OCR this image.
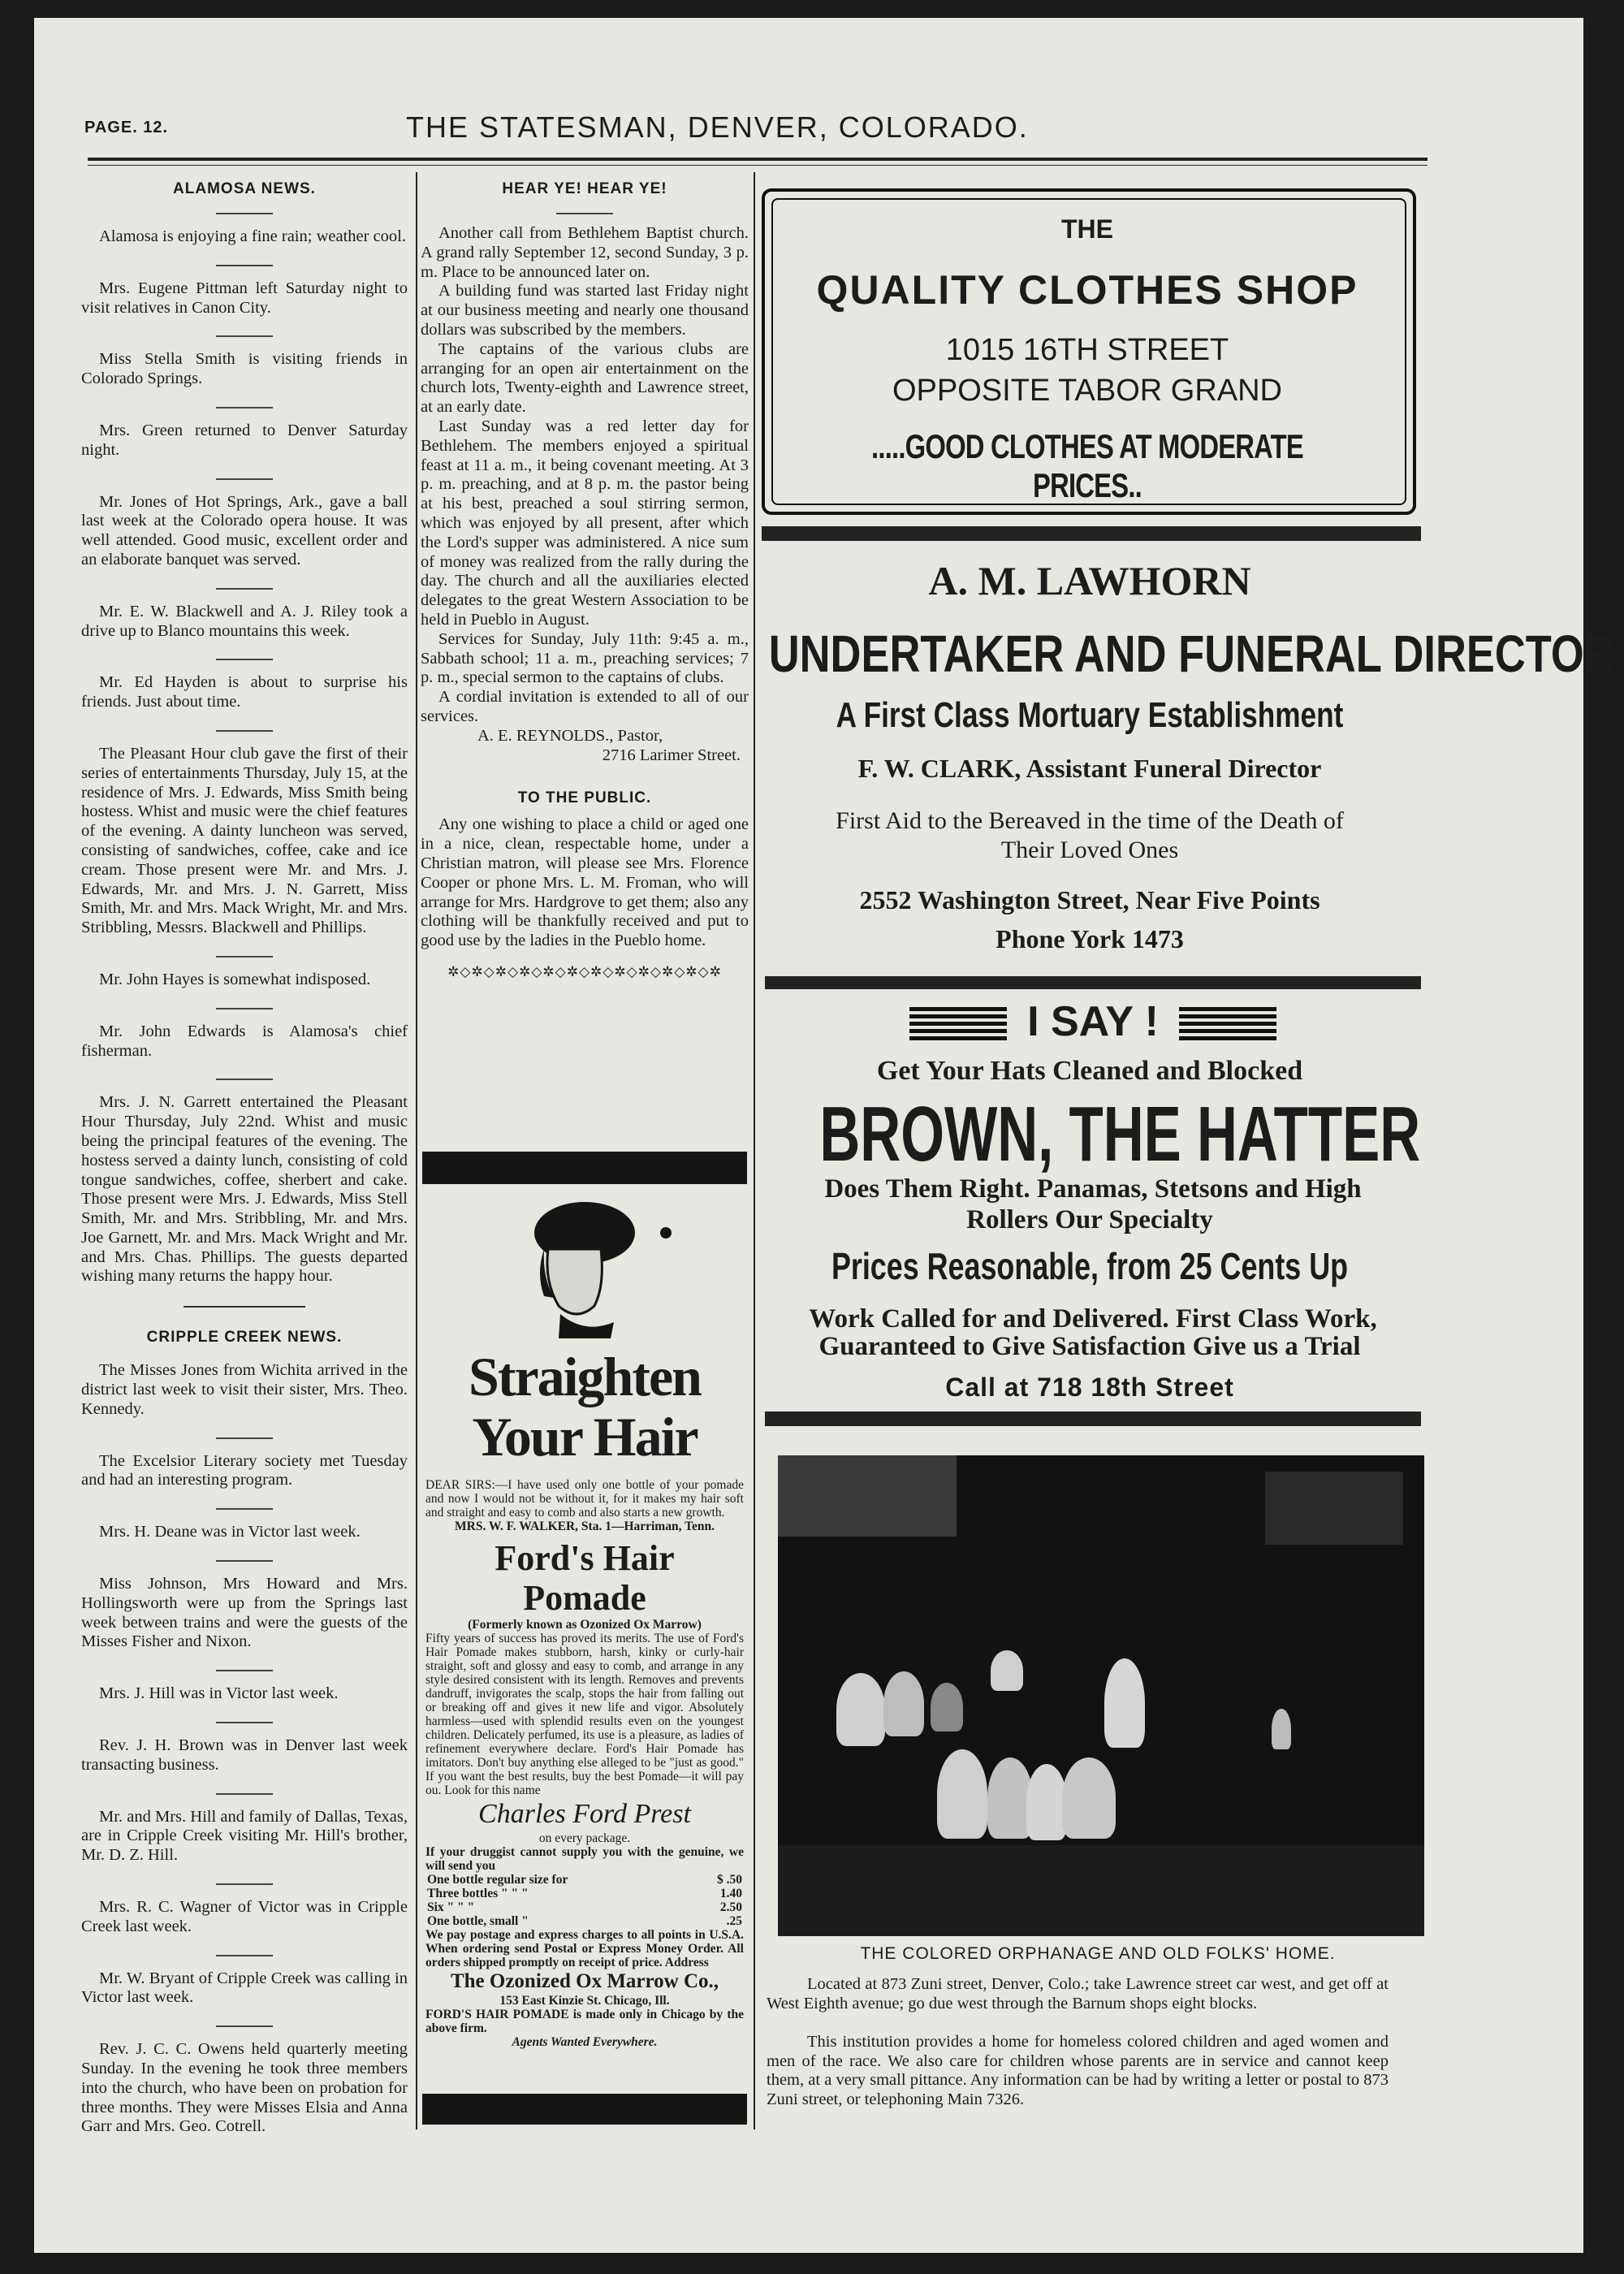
PAGE. 12.	THE STATESMAN, DENVER, COLORADO.
ALAMOSA NEWS.

Alamosa is enjoying a fine rain; weather cool.

Mrs. Eugene Pittman left Saturday night to visit relatives in Canon City.

Miss Stella Smith is visiting friends in Colorado Springs.

Mrs. Green returned to Denver Saturday night.

Mr. Jones of Hot Springs, Ark., gave a ball last week at the Colorado opera house. It was well attended. Good music, excellent order and an elaborate banquet was served.

Mr. E. W. Blackwell and A. J. Riley took a drive up to Blanco mountains this week.

Mr. Ed Hayden is about to surprise his friends. Just about time.

The Pleasant Hour club gave the first of their series of entertainments Thursday, July 15, at the residence of Mrs. J. Edwards, Miss Smith being hostess. Whist and music were the chief features of the evening. A dainty luncheon was served, consisting of sandwiches, coffee, cake and ice cream. Those present were Mr. and Mrs. J. Edwards, Mr. and Mrs. J. N. Garrett, Miss Smith, Mr. and Mrs. Mack Wright, Mr. and Mrs. Stribbling, Messrs. Blackwell and Phillips.

Mr. John Hayes is somewhat indisposed.

Mr. John Edwards is Alamosa's chief fisherman.

Mrs. J. N. Garrett entertained the Pleasant Hour Thursday, July 22nd. Whist and music being the principal features of the evening. The hostess served a dainty lunch, consisting of cold tongue sandwiches, coffee, sherbert and cake. Those present were Mrs. J. Edwards, Miss Stell Smith, Mr. and Mrs. Stribbling, Mr. and Mrs. Joe Garnett, Mr. and Mrs. Mack Wright and Mr. and Mrs. Chas. Phillips. The guests departed wishing many returns the happy hour.

CRIPPLE CREEK NEWS.

The Misses Jones from Wichita arrived in the district last week to visit their sister, Mrs. Theo. Kennedy.

The Excelsior Literary society met Tuesday and had an interesting program.

Mrs. H. Deane was in Victor last week.

Miss Johnson, Mrs Howard and Mrs. Hollingsworth were up from the Springs last week between trains and were the guests of the Misses Fisher and Nixon.

Mrs. J. Hill was in Victor last week.

Rev. J. H. Brown was in Denver last week transacting business.

Mr. and Mrs. Hill and family of Dallas, Texas, are in Cripple Creek visiting Mr. Hill's brother, Mr. D. Z. Hill.

Mrs. R. C. Wagner of Victor was in Cripple Creek last week.

Mr. W. Bryant of Cripple Creek was calling in Victor last week.

Rev. J. C. C. Owens held quarterly meeting Sunday. In the evening he took three members into the church, who have been on probation for three months. They were Misses Elsia and Anna Garr and Mrs. Geo. Cotrell.

HEAR YE! HEAR YE!

Another call from Bethlehem Baptist church. A grand rally September 12, second Sunday, 3 p. m. Place to be announced later on.

A building fund was started last Friday night at our business meeting and nearly one thousand dollars was subscribed by the members.

The captains of the various clubs are arranging for an open air entertainment on the church lots, Twenty-eighth and Lawrence street, at an early date.

Last Sunday was a red letter day for Bethlehem. The members enjoyed a spiritual feast at 11 a. m., it being covenant meeting. At 3 p. m. preaching, and at 8 p. m. the pastor being at his best, preached a soul stirring sermon, which was enjoyed by all present, after which the Lord's supper was administered. A nice sum of money was realized from the rally during the day. The church and all the auxiliaries elected delegates to the great Western Association to be held in Pueblo in August.

Services for Sunday, July 11th: 9:45 a. m., Sabbath school; 11 a. m., preaching services; 7 p. m., special sermon to the captains of clubs.

A cordial invitation is extended to all of our services.

A. E. REYNOLDS., Pastor,

2716 Larimer Street.
TO THE PUBLIC.

Any one wishing to place a child or aged one in a nice, clean, respectable home, under a Christian matron, will please see Mrs. Florence Cooper or phone Mrs. L. M. Froman, who will arrange for Mrs. Hardgrove to get them; also any clothing will be thankfully received and put to good use by the ladies in the Pueblo home.

✲◇✲◇✲◇✲◇✲◇✲◇✲◇✲◇✲◇✲◇✲◇✲
Straighten
Your Hair
DEAR SIRS:—I have used only one bottle of your pomade and now I would not be without it, for it makes my hair soft and straight and easy to comb and also starts a new growth.
MRS. W. F. WALKER, Sta. 1—Harriman, Tenn.
Ford's Hair
Pomade
(Formerly known as Ozonized Ox Marrow)
Fifty years of success has proved its merits. The use of Ford's Hair Pomade makes stubborn, harsh, kinky or curly-hair straight, soft and glossy and easy to comb, and arrange in any style desired consistent with its length. Removes and prevents dandruff, invigorates the scalp, stops the hair from falling out or breaking off and gives it new life and vigor. Absolutely harmless—used with splendid results even on the youngest children. Delicately perfumed, its use is a pleasure, as ladies of refinement everywhere declare. Ford's Hair Pomade has imitators. Don't buy anything else alleged to be "just as good." If you want the best results, buy the best Pomade—it will pay ou. Look for this name
Charles Ford Prest
on every package.
If your druggist cannot supply you with the genuine, we will send you
One bottle regular size for	$ .50
Three bottles " " "	1.40
Six " " "	2.50
One bottle, small "	.25
We pay postage and express charges to all points in U.S.A. When ordering send Postal or Express Money Order. All orders shipped promptly on receipt of price. Address
The Ozonized Ox Marrow Co.,
153 East Kinzie St. Chicago, Ill.
FORD'S HAIR POMADE is made only in Chicago by the above firm.
Agents Wanted Everywhere.
THE
QUALITY CLOTHES SHOP
1015 16TH STREET
OPPOSITE TABOR GRAND
.....GOOD CLOTHES AT MODERATE PRICES..
A. M. LAWHORN
UNDERTAKER AND FUNERAL DIRECTOR
A First Class Mortuary Establishment
F. W. CLARK, Assistant Funeral Director
First Aid to the Bereaved in the time of the Death of
Their Loved Ones
2552 Washington Street, Near Five Points
Phone York 1473
I SAY !
Get Your Hats Cleaned and Blocked
BROWN, THE HATTER
Does Them Right. Panamas, Stetsons and High
Rollers Our Specialty
Prices Reasonable, from 25 Cents Up
Work Called for and Delivered. First Class Work,
Guaranteed to Give Satisfaction Give us a Trial
Call at 718 18th Street
THE COLORED ORPHANAGE AND OLD FOLKS' HOME.
Located at 873 Zuni street, Denver, Colo.; take Lawrence street car west, and get off at West Eighth avenue; go due west through the Barnum shops eight blocks.
This institution provides a home for homeless colored children and aged women and men of the race. We also care for children whose parents are in service and cannot keep them, at a very small pittance. Any information can be had by writing a letter or postal to 873 Zuni street, or telephoning Main 7326.
